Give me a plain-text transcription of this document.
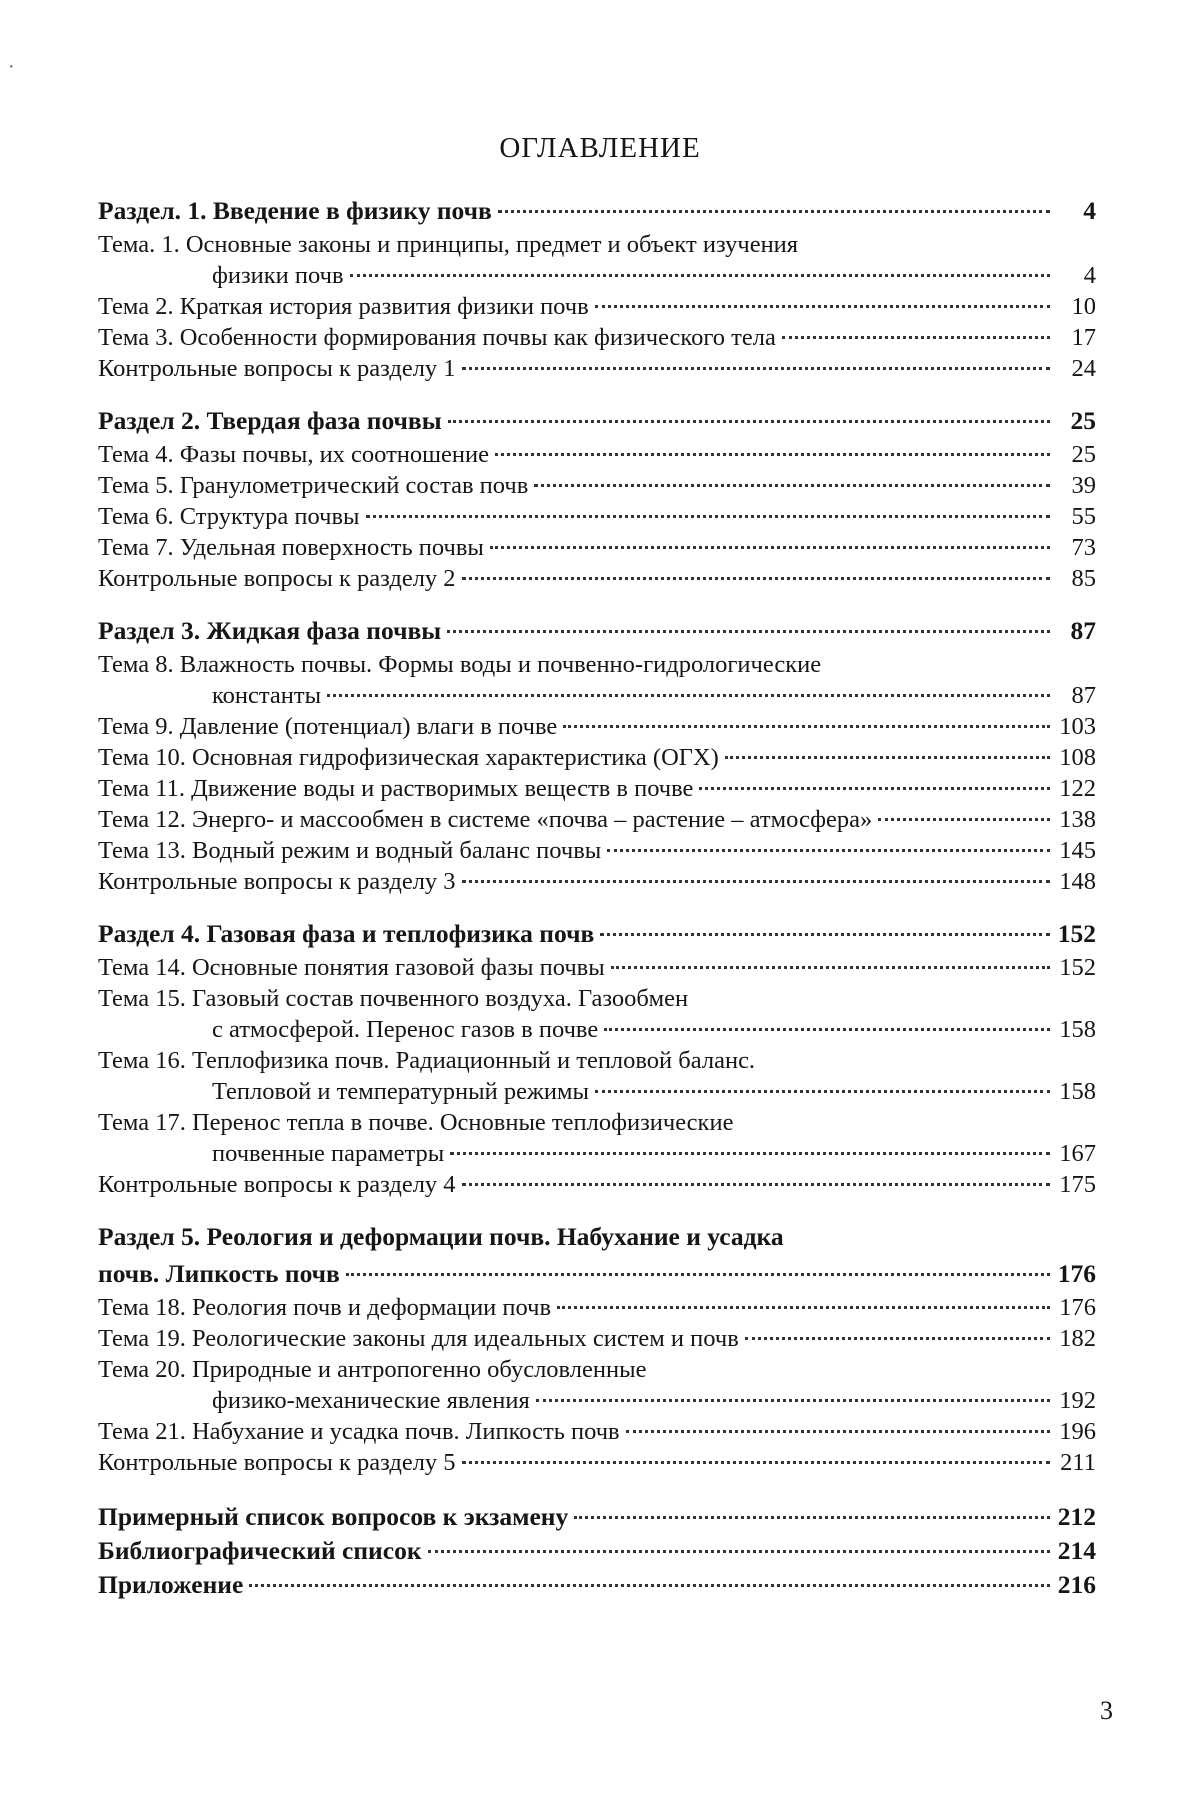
·
ОГЛАВЛЕНИЕ
Раздел. 1. Введение в физику почв	4
Тема. 1. Основные законы и принципы, предмет и объект изучения
физики почв	4
Тема 2. Краткая история развития физики почв	10
Тема 3. Особенности формирования почвы как физического тела	17
Контрольные вопросы к разделу 1	24
Раздел 2. Твердая фаза почвы	25
Тема 4. Фазы почвы, их соотношение	25
Тема 5. Гранулометрический состав почв	39
Тема 6. Структура почвы	55
Тема 7. Удельная поверхность почвы	73
Контрольные вопросы к разделу 2	85
Раздел 3. Жидкая фаза почвы	87
Тема 8. Влажность почвы. Формы воды и почвенно-гидрологические
константы	87
Тема 9. Давление (потенциал) влаги в почве	103
Тема 10. Основная гидрофизическая характеристика (ОГХ)	108
Тема 11. Движение воды и растворимых веществ в почве	122
Тема 12. Энерго- и массообмен в системе «почва – растение – атмосфера»	138
Тема 13. Водный режим и водный баланс почвы	145
Контрольные вопросы к разделу 3	148
Раздел 4. Газовая фаза и теплофизика почв	152
Тема 14. Основные понятия газовой фазы почвы	152
Тема 15. Газовый состав почвенного воздуха. Газообмен
с атмосферой. Перенос газов в почве	158
Тема 16. Теплофизика почв. Радиационный и тепловой баланс.
Тепловой и температурный режимы	158
Тема 17. Перенос тепла в почве. Основные теплофизические
почвенные параметры	167
Контрольные вопросы к разделу 4	175
Раздел 5. Реология и деформации почв. Набухание и усадка
почв. Липкость почв	176
Тема 18. Реология почв и деформации почв	176
Тема 19. Реологические законы для идеальных систем и почв	182
Тема 20. Природные и антропогенно обусловленные
физико-механические явления	192
Тема 21. Набухание и усадка почв. Липкость почв	196
Контрольные вопросы к разделу 5	211
Примерный список вопросов к экзамену	212
Библиографический список	214
Приложение	216
3
